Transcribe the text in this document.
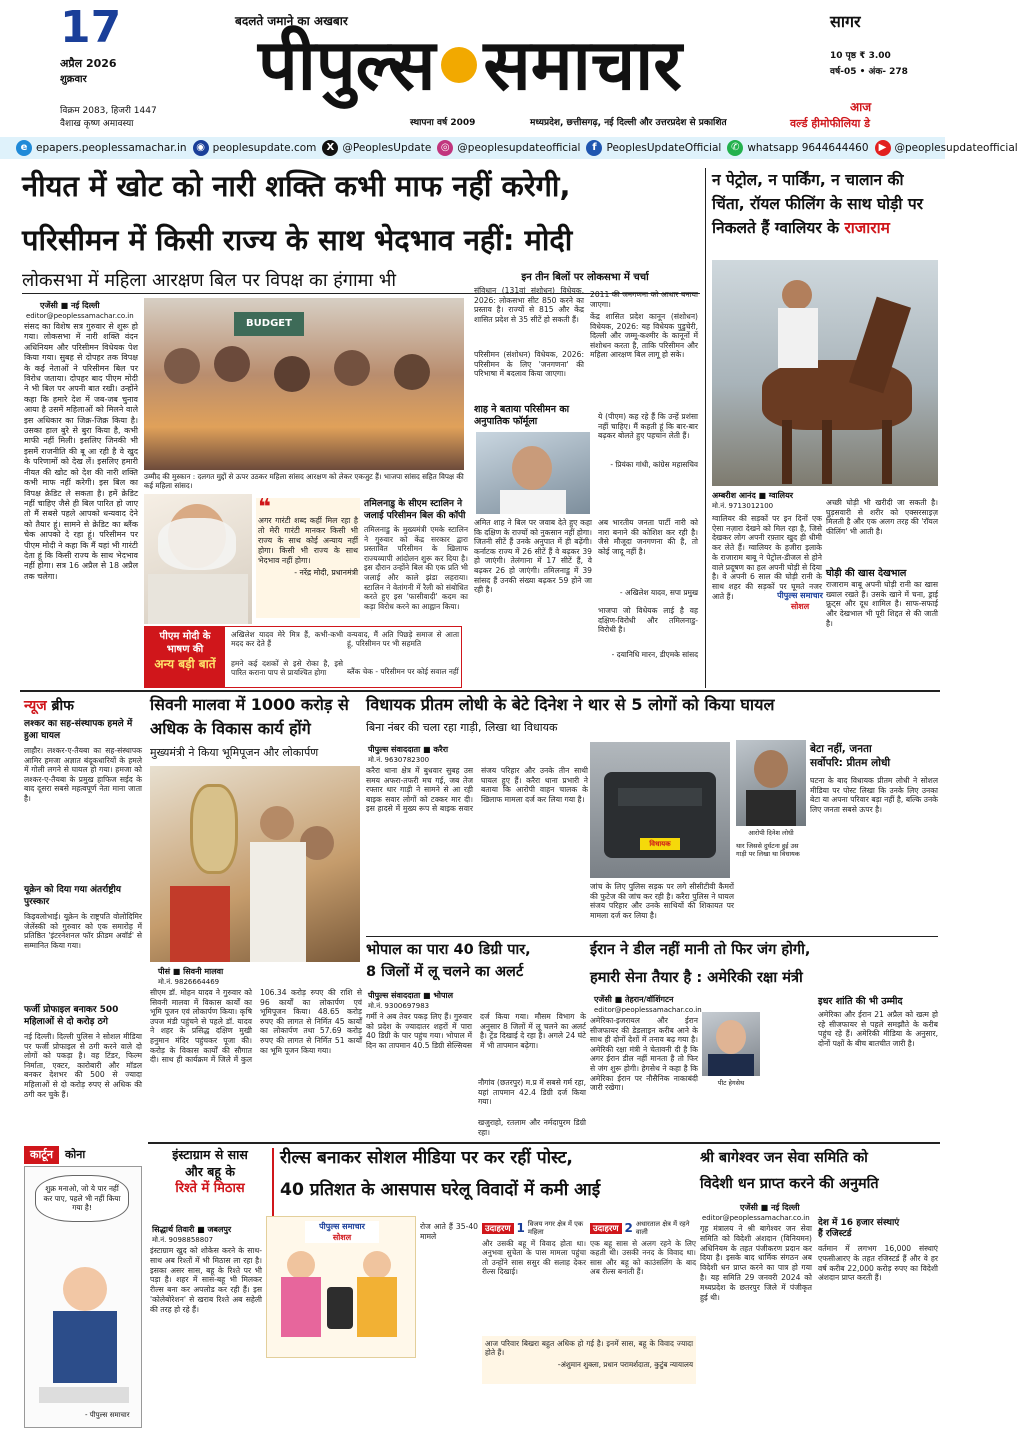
17
अप्रैल 2026
शुक्रवार
विक्रम 2083, हिजरी 1447
वैशाख कृष्ण अमावस्या
बदलते जमाने का अखबार
पीपुल्स समाचार
स्थापना वर्ष 2009	मध्यप्रदेश, छत्तीसगढ़, नई दिल्ली और उत्तरप्रदेश से प्रकाशित
सागर
10 पृष्ठ ₹ 3.00
वर्ष-05 • अंक- 278
आज
वर्ल्ड हीमोफीलिया डे
e epapers.peoplessamachar.in ◉ peoplesupdate.com	X @PeoplesUpdate ◎ @peoplesupdateofficial	f PeoplesUpdateOfficial ✆ whatsapp 9644644460	▶ @peoplesupdateofficial
नीयत में खोट को नारी शक्ति कभी माफ नहीं करेगी,
परिसीमन में किसी राज्य के साथ भेदभाव नहीं: मोदी
लोकसभा में महिला आरक्षण बिल पर विपक्ष का हंगामा भी
एजेंसी ■ नई दिल्ली
editor@peoplessamachar.co.in
संसद का विशेष सत्र गुरुवार से शुरू हो गया। लोकसभा में नारी शक्ति वंदन अधिनियम और परिसीमन विधेयक पेश किया गया। सुबह से दोपहर तक विपक्ष के कई नेताओं ने परिसीमन बिल पर विरोध जताया। दोपहर बाद पीएम मोदी ने भी बिल पर अपनी बात रखी। उन्होंने कहा कि हमारे देश में जब-जब चुनाव आया है उसमें महिलाओं को मिलने वाले इस अधिकार का जिक्र-जिक्र किया है। उसका हाल बुरे से बुरा किया है, कभी माफी नहीं मिली। इसलिए जिनकी भी इसमें राजनीति की बू आ रही है वे खुद के परिणामों को देख लें। इसलिए हमारी नीयत की खोट को देश की नारी शक्ति कभी माफ नहीं करेगी। इस बिल का विपक्ष क्रेडिट ले सकता है। हमें क्रेडिट नहीं चाहिए जैसे ही बिल पारित हो जाए तो मैं सबसे पहले आपको धन्यवाद देने को तैयार हूं। सामने से क्रेडिट का ब्लैंक चेक आपको दे रहा हूं। परिसीमन पर पीएम मोदी ने कहा कि मैं यहां भी गारंटी देता हूं कि किसी राज्य के साथ भेदभाव नहीं होगा। सत्र 16 अप्रैल से 18 अप्रैल तक चलेगा।
BUDGET
उम्मीद की मुस्कान : दलगत मुद्दों से ऊपर उठकर महिला सांसद आरक्षण को लेकर एकजुट हैं। भाजपा सांसद सहित विपक्ष की कई महिला सांसद।
❝
अगर गारंटी शब्द कहीं मिल रहा है तो मेरी गारंटी मानकर किसी भी राज्य के साथ कोई अन्याय नहीं होगा। किसी भी राज्य के साथ भेदभाव नहीं होगा।
- नरेंद्र मोदी, प्रधानमंत्री
पीएम मोदी के
भाषण की
अन्य बड़ी बातें
अखिलेश यादव मेरे मित्र हैं, कभी-कभी मदद कर देते हैं
हमने कई दशकों से इसे रोका है, इसे पारित कराना पाप से प्रायश्चित होगा
वन्यवाद, मैं अति पिछड़े समाज से आता हूं, परिसीमन पर भी सहमति
ब्लैंक चेक - परिसीमन पर कोई सवाल नहीं
तमिलनाडु के सीएम स्टालिन ने जलाई परिसीमन बिल की कॉपी
तमिलनाडु के मुख्यमंत्री एमके स्टालिन ने गुरुवार को केंद्र सरकार द्वारा प्रस्तावित परिसीमन के खिलाफ राज्यव्यापी आंदोलन शुरू कर दिया है। इस दौरान उन्होंने बिल की एक प्रति भी जलाई और काले झंडा लहराया। स्टालिन ने वेतांगनी में रैली को संबोधित करते हुए इस 'फासीवादी' कदम का कड़ा विरोध करने का आह्वान किया।
इन तीन बिलों पर लोकसभा में चर्चा
संविधान (131वां संशोधन) विधेयक, 2026: लोकसभा सीट 850 करने का प्रस्ताव है। राज्यों से 815 और केंद्र शासित प्रदेश से 35 सीटें हो सकती हैं।
परिसीमन (संशोधन) विधेयक, 2026: परिसीमन के लिए 'जनगणना' की परिभाषा में बदलाव किया जाएगा।
2011 की जनगणना को आधार बनाया जाएगा।
केंद्र शासित प्रदेश कानून (संशोधन) विधेयक, 2026: यह विधेयक पुडुचेरी, दिल्ली और जम्मू-कश्मीर के कानूनों में संशोधन करता है, ताकि परिसीमन और महिला आरक्षण बिल लागू हो सके।
शाह ने बताया परिसीमन का अनुपातिक फॉर्मूला
अमित शाह ने बिल पर जवाब देते हुए कहा कि दक्षिण के राज्यों को नुकसान नहीं होगा। जितनी सीटें हैं उनके अनुपात में ही बढ़ेंगी। कर्नाटक राज्य में 26 सीटें हैं वे बढ़कर 39 हो जाएंगी। तेलंगाना में 17 सीटें हैं, वे बढ़कर 26 हो जाएंगी। तमिलनाडु में 39 सांसद हैं उनकी संख्या बढ़कर 59 होने जा रही है।
ये (पीएम) कह रहे हैं कि उन्हें प्रशंसा नहीं चाहिए। मैं कहती हूं कि बार-बार बढ़कर बोलते हुए पहचान लेती हैं।
- प्रियंका गांधी, कांग्रेस महासचिव
अब भारतीय जनता पार्टी नारी को नारा बनाने की कोशिश कर रही है। जैसे मौजूदा जनगणना की है, तो कोई जादू नहीं है।
- अखिलेश यादव, सपा प्रमुख
भाजपा जो विधेयक लाई है वह दक्षिण-विरोधी और तमिलनाडु-विरोधी है।
- दयानिधि मारन, डीएमके सांसद
न पेट्रोल, न पार्किंग, न चालान की
चिंता, रॉयल फीलिंग के साथ घोड़ी पर
निकलते हैं ग्वालियर के राजाराम
अम्बरीश आनंद ■ ग्वालियर
मो.नं. 9713012100
ग्वालियर की सड़कों पर इन दिनों एक ऐसा नज़ारा देखने को मिल रहा है, जिसे देखकर लोग अपनी रफ़्तार खुद ही धीमी कर लेते हैं। ग्वालियर के हजीरा इलाके के राजाराम बाबू ने पेट्रोल-डीजल से होने वाले प्रदूषण का हल अपनी घोड़ी से दिया है। वे अपनी 6 साल की घोड़ी रानी के साथ शहर की सड़कों पर घूमते नजर आते हैं।
अच्छी घोड़ी भी खरीदी जा सकती है। घुड़सवारी से शरीर को एक्सरसाइज़ मिलती है और एक अलग तरह की 'रॉयल फीलिंग' भी आती है।
पीपुल्स समाचार
सोशल
घोड़ी की खास देखभाल
राजाराम बाबू अपनी घोड़ी रानी का खास ख्याल रखते हैं। उसके खाने में चना, ड्राई फ्रूट्स और दूध शामिल है। साफ-सफाई और देखभाल भी पूरी शिद्दत से की जाती है।
न्यूज ब्रीफ
लश्कर का सह-संस्थापक हमले में हुआ घायल
लाहौर। लश्कर-ए-तैयबा का सह-संस्थापक आमिर हमजा अज्ञात बंदूकधारियों के हमले में गोली लगने से घायल हो गया। हमजा को लश्कर-ए-तैयबा के प्रमुख हाफिज सईद के बाद दूसरा सबसे महत्वपूर्ण नेता माना जाता है।
यूक्रेन को दिया गया अंतर्राष्ट्रीय पुरस्कार
किइवलोभाई। यूक्रेन के राष्ट्रपति वोलोदिमिर जेलेंस्की को गुरुवार को एक समारोह में प्रतिष्ठित 'इंटरनेशनल फॉर फ्रीडम अवॉर्ड' से सम्मानित किया गया।
फर्जी प्रोफाइल बनाकर 500 महिलाओं से दो करोड़ ठगे
नई दिल्ली। दिल्ली पुलिस ने सोशल मीडिया पर फर्जी प्रोफाइल से ठगी करने वाले दो लोगों को पकड़ा है। वह टिंडर, फिल्म निर्माता, एक्टर, कारोबारी और मॉडल बनकर देशभर की 500 से ज्यादा महिलाओं से दो करोड़ रुपए से अधिक की ठगी कर चुके हैं।
कार्टून	कोना
शुक्र मनाओ, जो ये पार नहीं कर पाए, पहले भी नहीं किया गया है!
- पीपुल्स समाचार
सिवनी मालवा में 1000 करोड़ से
अधिक के विकास कार्य होंगे
मुख्यमंत्री ने किया भूमिपूजन और लोकार्पण
पीसं ■ सिवनी मालवा
मो.नं. 9826664469
सीएम डॉ. मोहन यादव ने गुरुवार को सिवनी मालवा में विकास कार्यों का भूमि पूजन एवं लोकार्पण किया। कृषि उपज मंडी पहुंचने से पहले डॉ. यादव ने शहर के प्रसिद्ध दक्षिण मुखी हनुमान मंदिर पहुंचकर पूजा की। करोड़ के विकास कार्यों की सौगात दी। साथ ही कार्यक्रम में जिले में कुल 106.34 करोड़ रुपए की राशि से 96 कार्यों का लोकार्पण एवं भूमिपूजन किया। 48.65 करोड़ रुपए की लागत से निर्मित 45 कार्यों का लोकार्पण तथा 57.69 करोड़ रुपए की लागत से निर्मित 51 कार्यों का भूमि पूजन किया गया।
विधायक प्रीतम लोधी के बेटे दिनेश ने थार से 5 लोगों को किया घायल
बिना नंबर की चला रहा गाड़ी, लिखा था विधायक
पीपुल्स संवाददाता ■ करैरा
मो.नं. 9630782300
करैरा थाना क्षेत्र में बुधवार सुबह उस समय अफरा-तफरी मच गई, जब तेज रफ्तार थार गाड़ी ने सामने से आ रही बाइक सवार लोगों को टक्कर मार दी। इस हादसे में मुख्य रूप से बाइक सवार संजय परिहार और उनके तीन साथी घायल हुए हैं। करैरा थाना प्रभारी ने बताया कि आरोपी वाहन चालक के खिलाफ मामला दर्ज कर लिया गया है।
विधायक
जांच के लिए पुलिस सड़क पर लगे सीसीटीवी कैमरों की फुटेज की जांच कर रही है। करैरा पुलिस ने घायल संजय परिहार और उनके साथियों की शिकायत पर मामला दर्ज कर लिया है।
बेटा नहीं, जनता
सर्वोपरि: प्रीतम लोधी
आरोपी दिनेश लोधी
थार जिससे दुर्घटना हुई उस गाड़ी पर लिखा था विधायक
घटना के बाद विधायक प्रीतम लोधी ने सोशल मीडिया पर पोस्ट लिखा कि उनके लिए उनका बेटा या अपना परिवार बड़ा नहीं है, बल्कि उनके लिए जनता सबसे ऊपर है।
भोपाल का पारा 40 डिग्री पार,
8 जिलों में लू चलने का अलर्ट
पीपुल्स संवाददाता ■ भोपाल
मो.नं. 9300697983
गर्मी ने अब तेवर पकड़ लिए हैं। गुरुवार को प्रदेश के ज्यादातर शहरों में पारा 40 डिग्री के पार पहुंच गया। भोपाल में दिन का तापमान 40.5 डिग्री सेल्सियस दर्ज किया गया। मौसम विभाग के अनुसार 8 जिलों में लू चलने का अलर्ट है। ट्रेंड दिखाई दे रहा है। अगले 24 घंटे में भी तापमान बढ़ेगा।
नौगांव (छतरपुर) म.प्र में सबसे गर्म रहा, यहां तापमान 42.4 डिग्री दर्ज किया गया।
खजुराहो, रतलाम और नर्मदापुरम डिग्री रहा।
ईरान ने डील नहीं मानी तो फिर जंग होगी,
हमारी सेना तैयार है : अमेरिकी रक्षा मंत्री
एजेंसी ■ तेहरान/वॉशिंगटन
editor@peoplessamachar.co.in
अमेरिका-इजरायल और ईरान सीजफायर की डेडलाइन करीब आने के साथ ही दोनों देशों में तनाव बढ़ गया है। अमेरिकी रक्षा मंत्री ने चेतावनी दी है कि अगर ईरान डील नहीं मानता है तो फिर से जंग शुरू होगी। हेगसेथ ने कहा है कि अमेरिका ईरान पर नौसैनिक नाकाबंदी जारी रखेगा।
पीट हेगसेथ
इधर शांति की भी उम्मीद
अमेरिका और ईरान 21 अप्रैल को खत्म हो रहे सीजफायर से पहले समझौते के करीब पहुंच रहे हैं। अमेरिकी मीडिया के अनुसार, दोनों पक्षों के बीच बातचीत जारी है।
इंस्टाग्राम से सास
और बहू के
रिश्ते में मिठास
रील्स बनाकर सोशल मीडिया पर कर रहीं पोस्ट,
40 प्रतिशत के आसपास घरेलू विवादों में कमी आई
सिद्धार्थ तिवारी ■ जबलपुर
मो.नं. 9098858807
इंस्टाग्राम खुद को शोकेस करने के साथ-साथ अब रिश्तों में भी मिठास ला रहा है। इसका असर सास, बहू के रिश्ते पर भी पड़ा है। शहर में सास-बहू भी मिलकर रील्स बना कर अपलोड कर रही हैं। इस 'कोलेबोरेशन' से खराब रिश्ते अब सहेली की तरह हो रहे हैं।
पीपुल्स समाचार
सोशल
रोज आते हैं 35-40 मामले
उदाहरण 1 विजय नगर क्षेत्र में एक महिला
और उसकी बहू में विवाद होता था। अनुभवा सुचेता के पास मामला पहुंचा तो उन्होंने सास ससुर की सलाह देकर रील्स दिखाई।
उदाहरण 2 अधारताल क्षेत्र में रहने वाली
एक बहू सास से अलग रहने के लिए कहती थी। उसकी ननद के विवाद था। सास और बहू को काउंसलिंग के बाद अब रील्स बनाती हैं।
आज परिवार बिखरा बहुत अधिक हो गई है। इनमें सास, बहू के विवाद ज्यादा होते हैं।
-अंशुमान शुक्ला, प्रधान परामर्शदाता, कुटुंब न्यायालय
श्री बागेश्वर जन सेवा समिति को
विदेशी धन प्राप्त करने की अनुमति
एजेंसी ■ नई दिल्ली
editor@peoplessamachar.co.in
गृह मंत्रालय ने श्री बागेश्वर जन सेवा समिति को विदेशी अंशदान (विनियमन) अधिनियम के तहत पंजीकरण प्रदान कर दिया है। इसके बाद धार्मिक संगठन अब विदेशी धन प्राप्त करने का पात्र हो गया है। यह समिति 29 जनवरी 2024 को मध्यप्रदेश के छतरपुर जिले में पंजीकृत हुई थी।
देश में 16 हजार संस्थाएं
हैं रजिस्टर्ड
वर्तमान में लगभग 16,000 संस्थाएं एफसीआरए के तहत रजिस्टर्ड हैं और वे हर वर्ष करीब 22,000 करोड़ रुपए का विदेशी अंशदान प्राप्त करती हैं।
